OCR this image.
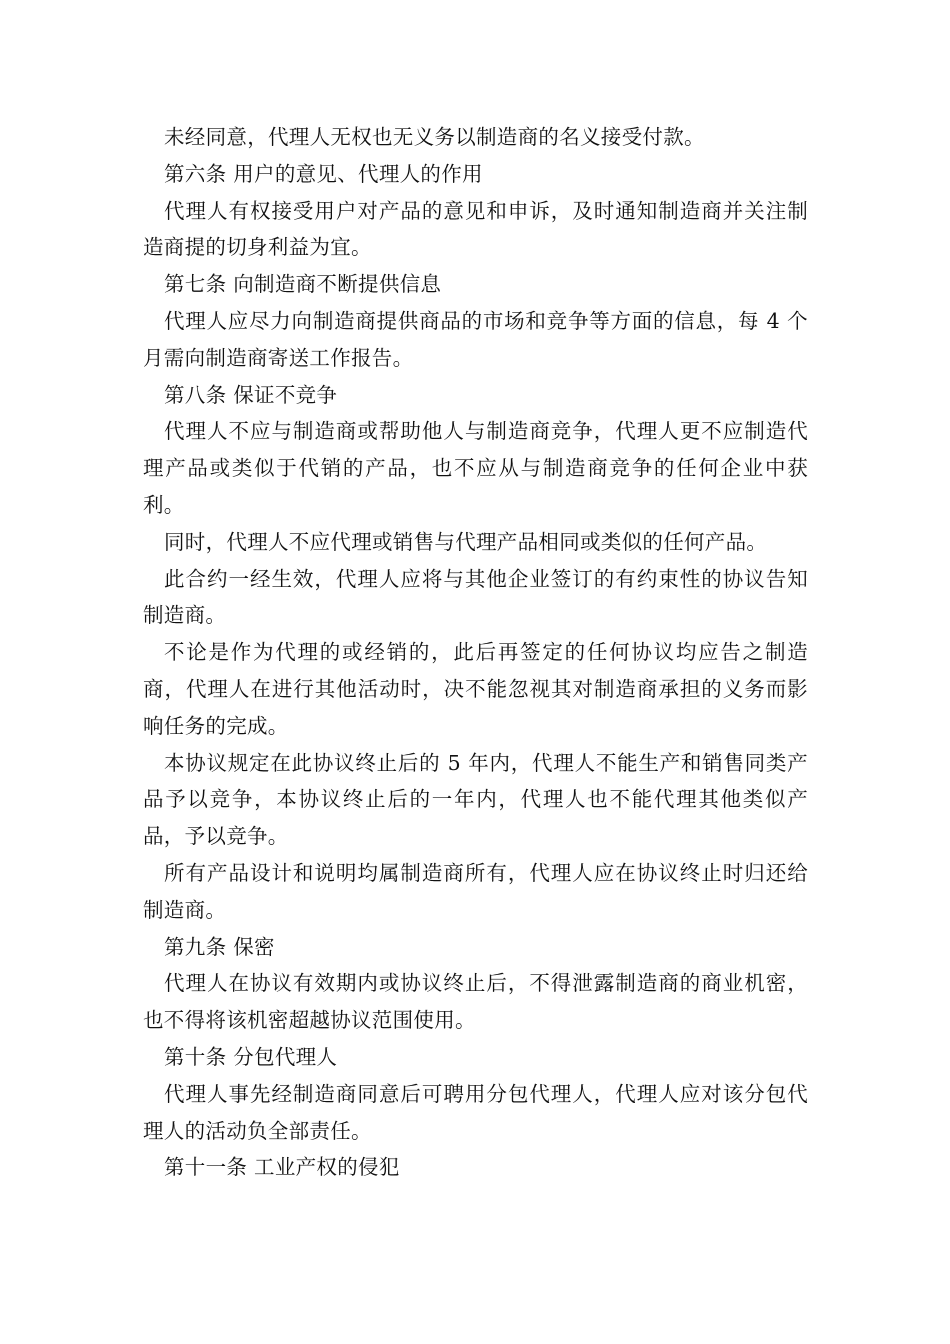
未经同意，代理人无权也无义务以制造商的名义接受付款。

第六条 用户的意见、代理人的作用

代理人有权接受用户对产品的意见和申诉，及时通知制造商并关注制造商提的切身利益为宜。

第七条 向制造商不断提供信息

代理人应尽力向制造商提供商品的市场和竞争等方面的信息，每 4 个月需向制造商寄送工作报告。

第八条 保证不竞争

代理人不应与制造商或帮助他人与制造商竞争，代理人更不应制造代理产品或类似于代销的产品，也不应从与制造商竞争的任何企业中获利。

同时，代理人不应代理或销售与代理产品相同或类似的任何产品。

此合约一经生效，代理人应将与其他企业签订的有约束性的协议告知制造商。

不论是作为代理的或经销的，此后再签定的任何协议均应告之制造商，代理人在进行其他活动时，决不能忽视其对制造商承担的义务而影响任务的完成。

本协议规定在此协议终止后的 5 年内，代理人不能生产和销售同类产品予以竞争，本协议终止后的一年内，代理人也不能代理其他类似产品，予以竞争。

所有产品设计和说明均属制造商所有，代理人应在协议终止时归还给制造商。

第九条 保密

代理人在协议有效期内或协议终止后，不得泄露制造商的商业机密，也不得将该机密超越协议范围使用。

第十条 分包代理人

代理人事先经制造商同意后可聘用分包代理人，代理人应对该分包代理人的活动负全部责任。

第十一条 工业产权的侵犯
